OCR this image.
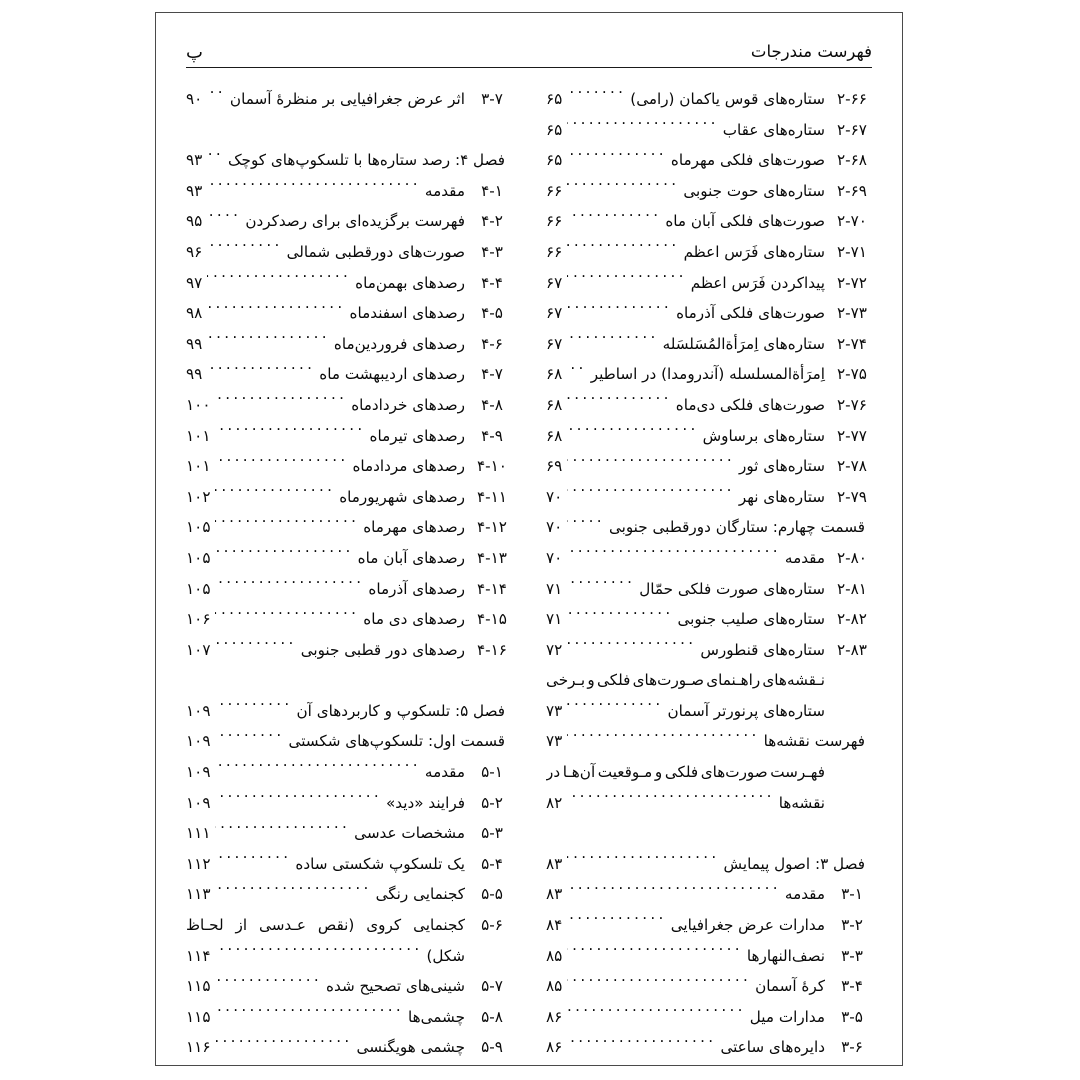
فهرست مندرجات
پ
۲-۶۶
ستاره‌های قوس یا‌کمان (رامی)
.....
۶۵
۲-۶۷
ستاره‌های عقاب
.....
۶۵
۲-۶۸
صورت‌های فلکی مهرماه
.....
۶۵
۲-۶۹
ستاره‌های حوت جنوبی
.....
۶۶
۲-۷۰
صورت‌های فلکی آبان ماه
.....
۶۶
۲-۷۱
ستاره‌های فَرَس اعظم
.....
۶۶
۲-۷۲
پیدا‌کردن فَرَس اعظم
.....
۶۷
۲-۷۳
صورت‌های فلکی آذرماه
.....
۶۷
۲-۷۴
ستاره‌های اِمرَأةالمُسَلسَله
.....
۶۷
۲-۷۵
اِمرَأةالمسلسله (آندرومدا) در اساطیر
.....
۶۸
۲-۷۶
صورت‌های فلکی دی‌ماه
.....
۶۸
۲-۷۷
ستاره‌های برساوش
.....
۶۸
۲-۷۸
ستاره‌های ثور
.....
۶۹
۲-۷۹
ستاره‌های نهر
.....
۷۰
قسمت چهارم: ستارگان دورقطبی جنوبی
.....
۷۰
۲-۸۰
مقدمه
.....
۷۰
۲-۸۱
ستاره‌های صورت فلکی حمّال
.....
۷۱
۲-۸۲
ستاره‌های صلیب جنوبی
.....
۷۱
۲-۸۳
ستاره‌های قنطورس
.....
۷۲
نـقشه‌های
راهـنمای
صـورت‌های
فلکی
و
بـرخی
ستاره‌های پرنورتر آسمان
.....
۷۳
فهرست نقشه‌ها
.....
۷۳
فهـرست
صورت‌های
فلکی
و
مـوقعیت
آن‌هـا
در
نقشه‌ها
.....
۸۲
فصل ۳: اصول پیمایش
.....
۸۳
۳-۱
مقدمه
.....
۸۳
۳-۲
مدارات عرض جغرافیایی
.....
۸۴
۳-۳
نصف‌النهارها
.....
۸۵
۳-۴
کرۀ آسمان
.....
۸۵
۳-۵
مدارات میل
.....
۸۶
۳-۶
دایره‌های ساعتی
.....
۸۶
۳-۷
اثر عرض جغرافیایی بر منظرۀ آسمان
.....
۹۰
فصل ۴: رصد ستاره‌ها با تلسکوپ‌های کوچک
.....
۹۳
۴-۱
مقدمه
.....
۹۳
۴-۲
فهرست برگزیده‌ای برای رصد‌کردن
.....
۹۵
۴-۳
صورت‌های دورقطبی شمالی
.....
۹۶
۴-۴
رصدهای بهمن‌ماه
.....
۹۷
۴-۵
رصدهای اسفندماه
.....
۹۸
۴-۶
رصدهای فروردین‌ماه
.....
۹۹
۴-۷
رصدهای اردیبهشت ماه
.....
۹۹
۴-۸
رصدهای خردادماه
.....
۱۰۰
۴-۹
رصدهای تیر‌ماه
.....
۱۰۱
۴-۱۰
رصدهای مردادماه
.....
۱۰۱
۴-۱۱
رصدهای شهریورماه
.....
۱۰۲
۴-۱۲
رصدهای مهرماه
.....
۱۰۵
۴-۱۳
رصدهای آبان ماه
.....
۱۰۵
۴-۱۴
رصدهای آذرماه
.....
۱۰۵
۴-۱۵
رصدهای دی ماه
.....
۱۰۶
۴-۱۶
رصدهای دور قطبی جنوبی
.....
۱۰۷
فصل ۵: تلسکوپ و کاربردهای آن
.....
۱۰۹
قسمت اول: تلسکوپ‌های شکستی
.....
۱۰۹
۵-۱
مقدمه
.....
۱۰۹
۵-۲
فرایند «دید»
.....
۱۰۹
۵-۳
مشخصات عدسی
.....
۱۱۱
۵-۴
یک تلسکوپ شکستی ساده
.....
۱۱۲
۵-۵
کجنمایی رنگی
.....
۱۱۳
۵-۶
کجنمایی
کروی
(نقص
عـدسی
از
لحـاظ
شکل)
.....
۱۱۴
۵-۷
شینی‌های تصحیح شده
.....
۱۱۵
۵-۸
چشمی‌ها
.....
۱۱۵
۵-۹
چشمی هویگنسی
.....
۱۱۶
